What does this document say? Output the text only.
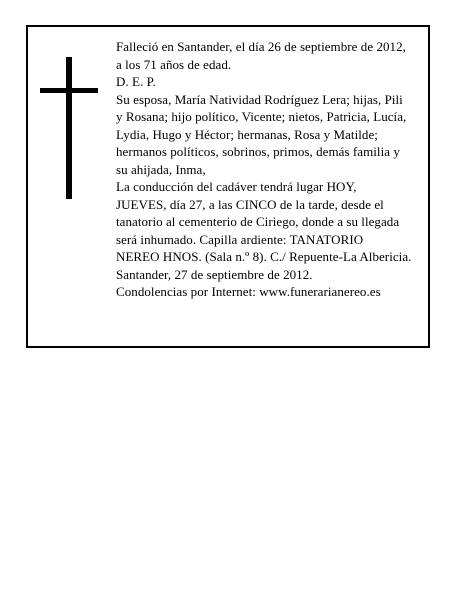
Falleció en Santander, el día 26 de septiembre de 2012,
a los 71 años de edad.
D. E. P.
Su esposa, María Natividad Rodríguez Lera; hijas, Pili
y Rosana; hijo político, Vicente; nietos, Patricia, Lucía,
Lydia, Hugo y Héctor; hermanas, Rosa y Matilde;
hermanos políticos, sobrinos, primos, demás familia y
su ahijada, Inma,
La conducción del cadáver tendrá lugar HOY,
JUEVES, día 27, a las CINCO de la tarde, desde el
tanatorio al cementerio de Ciriego, donde a su llegada
será inhumado. Capilla ardiente: TANATORIO
NEREO HNOS. (Sala n.º 8). C./ Repuente-La Albericia.
Santander, 27 de septiembre de 2012.
Condolencias por Internet: www.funerarianereo.es
